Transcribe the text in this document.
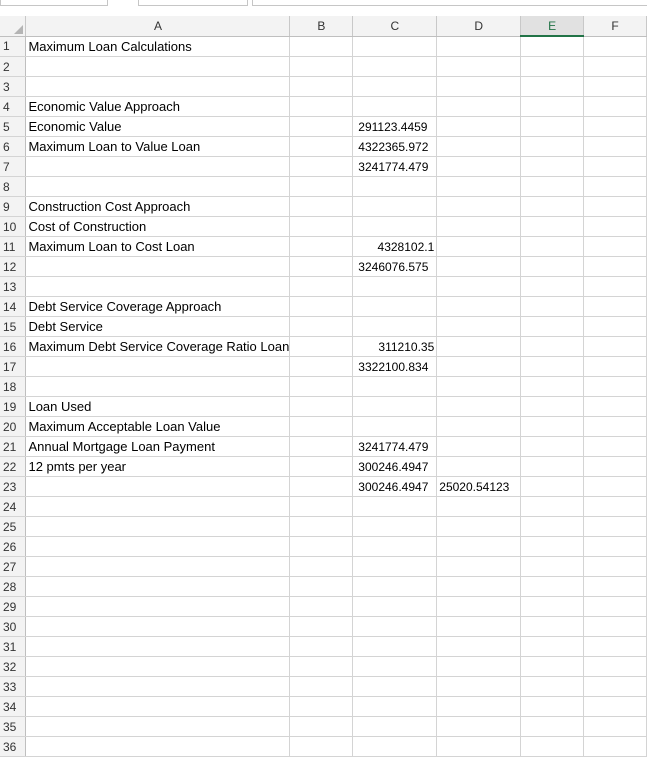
	A	B	C	D	E	F
1	Maximum Loan Calculations					
2						
3						
4	Economic Value Approach					
5	Economic Value		291123.4459			
6	Maximum Loan to Value Loan		4322365.972			
7			3241774.479			
8						
9	Construction Cost Approach					
10	Cost of Construction					
11	Maximum Loan to Cost Loan		4328102.1			
12			3246076.575			
13						
14	Debt Service Coverage Approach					
15	Debt Service					
16	Maximum Debt Service Coverage Ratio Loan		311210.35			
17			3322100.834			
18						
19	Loan Used					
20	Maximum Acceptable Loan Value					
21	Annual Mortgage Loan Payment		3241774.479			
22	12 pmts per year		300246.4947			
23			300246.4947	25020.54123		
24						
25						
26						
27						
28						
29						
30						
31						
32						
33						
34						
35						
36						
